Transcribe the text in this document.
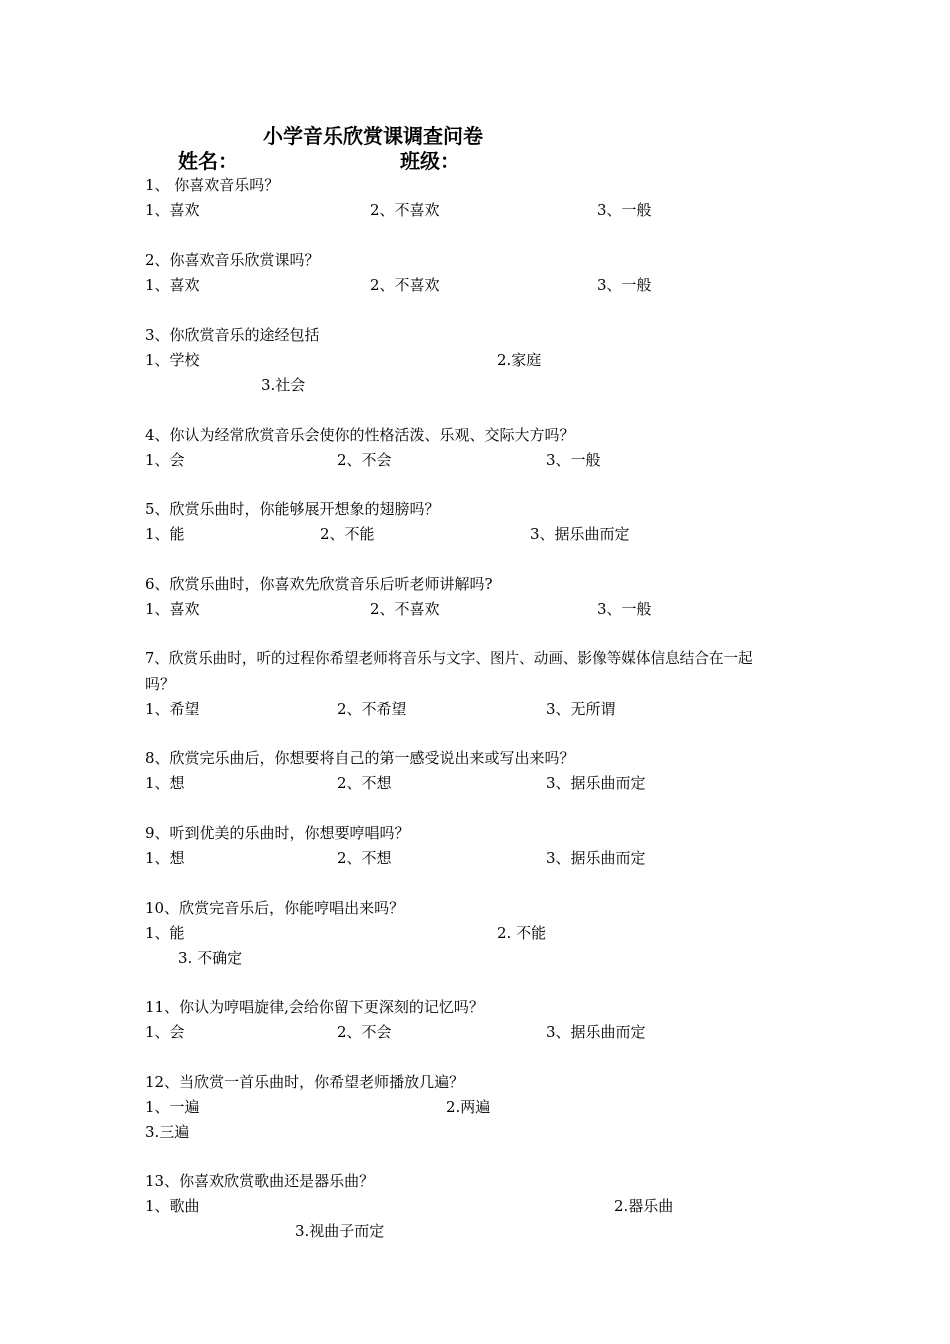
小学音乐欣赏课调查问卷
姓名：	班级：
1、 你喜欢音乐吗？
1、喜欢	2、不喜欢	3、一般
2、你喜欢音乐欣赏课吗？
1、喜欢	2、不喜欢	3、一般
3、你欣赏音乐的途经包括
1、学校	2.家庭
3.社会
4、你认为经常欣赏音乐会使你的性格活泼、乐观、交际大方吗？
1、会	2、不会	3、一般
5、欣赏乐曲时，你能够展开想象的翅膀吗？
1、能	2、不能	3、据乐曲而定
6、欣赏乐曲时，你喜欢先欣赏音乐后听老师讲解吗?
1、喜欢	2、不喜欢	3、一般
7、欣赏乐曲时，听的过程你希望老师将音乐与文字、图片、动画、影像等媒体信息结合在一起
吗？
1、希望	2、不希望	3、无所谓
8、欣赏完乐曲后，你想要将自己的第一感受说出来或写出来吗？
1、想	2、不想	3、据乐曲而定
9、听到优美的乐曲时，你想要哼唱吗？
1、想	2、不想	3、据乐曲而定
10、欣赏完音乐后，你能哼唱出来吗？
1、能	2. 不能
3. 不确定
11、你认为哼唱旋律,会给你留下更深刻的记忆吗？
1、会	2、不会	3、据乐曲而定
12、当欣赏一首乐曲时，你希望老师播放几遍？
1、一遍	2.两遍
3.三遍
13、你喜欢欣赏歌曲还是器乐曲？
1、歌曲	2.器乐曲
3.视曲子而定
